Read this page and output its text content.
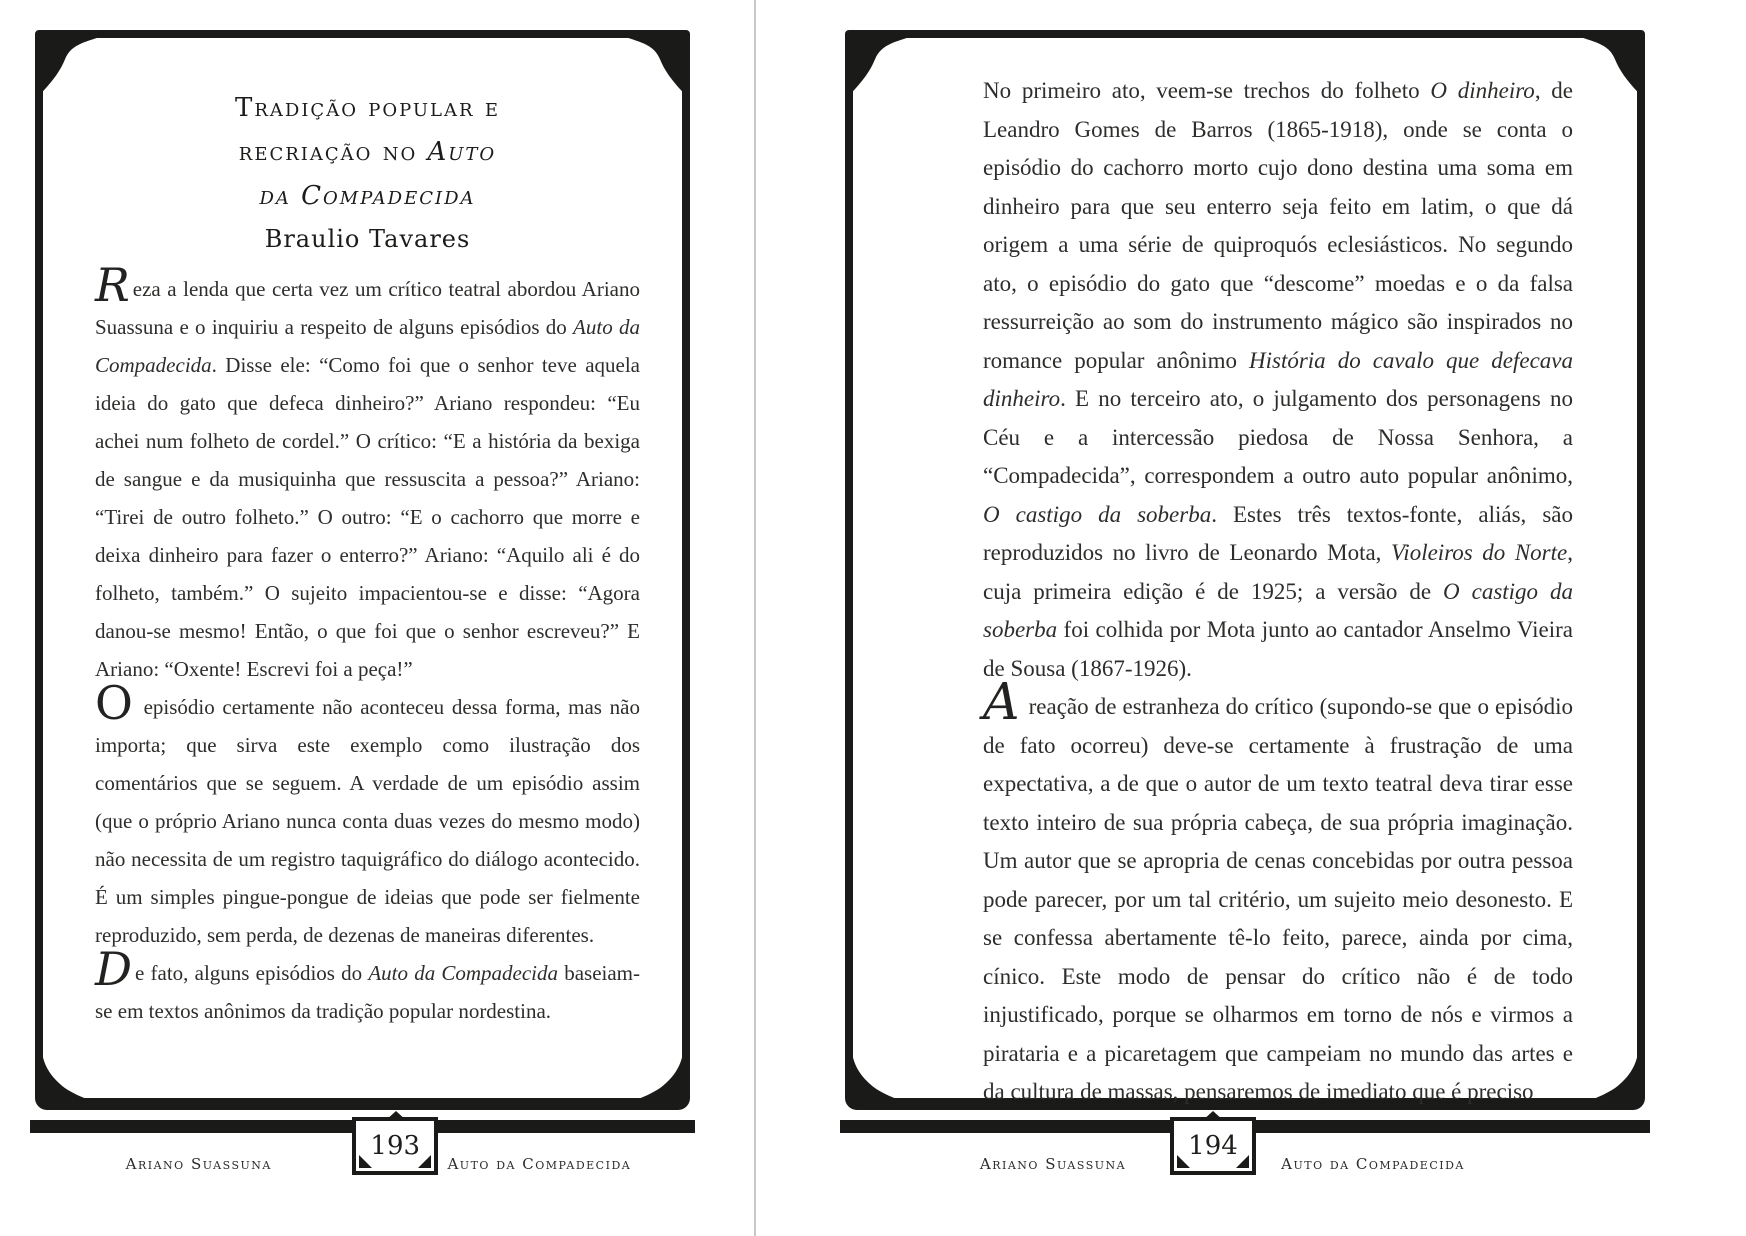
Tradição popular e
recriação no Auto
da Compadecida
Braulio Tavares

Reza a lenda que certa vez um crítico teatral abordou Ariano Suassuna e o inquiriu a respeito de alguns episódios do Auto da Compadecida. Disse ele: “Como foi que o senhor teve aquela ideia do gato que defeca dinheiro?” Ariano respondeu: “Eu achei num folheto de cordel.” O crítico: “E a história da bexiga de sangue e da musiquinha que ressuscita a pessoa?” Ariano: “Tirei de outro folheto.” O outro: “E o cachorro que morre e deixa dinheiro para fazer o enterro?” Ariano: “Aquilo ali é do folheto, também.” O sujeito impacientou-se e disse: “Agora danou-se mesmo! Então, o que foi que o senhor escreveu?” E Ariano: “Oxente! Escrevi foi a peça!”

O episódio certamente não aconteceu dessa forma, mas não importa; que sirva este exemplo como ilustração dos comentários que se seguem. A verdade de um episódio assim (que o próprio Ariano nunca conta duas vezes do mesmo modo) não necessita de um registro taquigráfico do diálogo acontecido. É um simples pingue-pongue de ideias que pode ser fielmente reproduzido, sem perda, de dezenas de maneiras diferentes.

De fato, alguns episódios do Auto da Compadecida baseiam-se em textos anônimos da tradição popular nordestina.

Ariano Suassuna
193
Auto da Compadecida

No primeiro ato, veem-se trechos do folheto O dinheiro, de Leandro Gomes de Barros (1865-1918), onde se conta o episódio do cachorro morto cujo dono destina uma soma em dinheiro para que seu enterro seja feito em latim, o que dá origem a uma série de quiproquós eclesiásticos. No segundo ato, o episódio do gato que “descome” moedas e o da falsa ressurreição ao som do instrumento mágico são inspirados no romance popular anônimo História do cavalo que defecava dinheiro. E no terceiro ato, o julgamento dos personagens no Céu e a intercessão piedosa de Nossa Senhora, a “Compadecida”, correspondem a outro auto popular anônimo, O castigo da soberba. Estes três textos-fonte, aliás, são reproduzidos no livro de Leonardo Mota, Violeiros do Norte, cuja primeira edição é de 1925; a versão de O castigo da soberba foi colhida por Mota junto ao cantador Anselmo Vieira de Sousa (1867-1926).

A reação de estranheza do crítico (supondo-se que o episódio de fato ocorreu) deve-se certamente à frustração de uma expectativa, a de que o autor de um texto teatral deva tirar esse texto inteiro de sua própria cabeça, de sua própria imaginação. Um autor que se apropria de cenas concebidas por outra pessoa pode parecer, por um tal critério, um sujeito meio desonesto. E se confessa abertamente tê-lo feito, parece, ainda por cima, cínico. Este modo de pensar do crítico não é de todo injustificado, porque se olharmos em torno de nós e virmos a pirataria e a picaretagem que campeiam no mundo das artes e da cultura de massas, pensaremos de imediato que é preciso

Ariano Suassuna
194
Auto da Compadecida
